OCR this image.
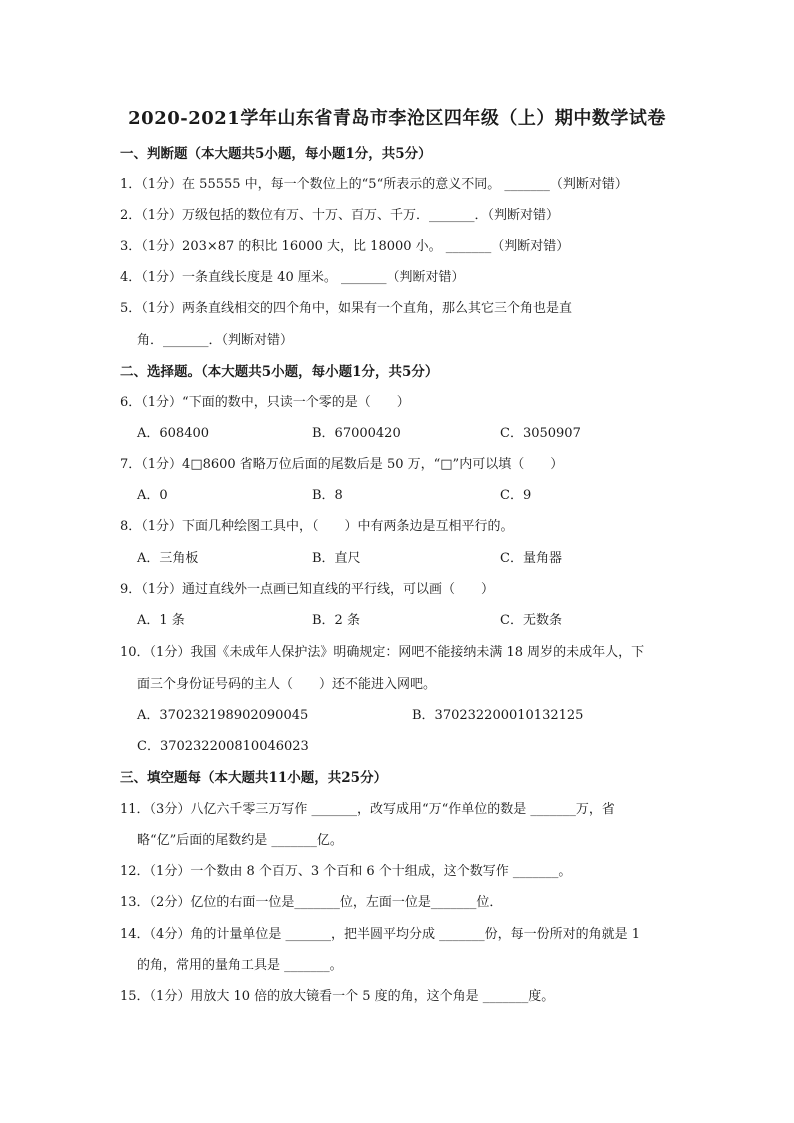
2020-2021学年山东省青岛市李沧区四年级（上）期中数学试卷
一、判断题（本大题共5小题，每小题1分，共5分）
1．（1分）在 55555 中，每一个数位上的“5“所表示的意义不同。 _______（判断对错）
2．（1分）万级包括的数位有万、十万、百万、千万．_______．（判断对错）
3．（1分）203×87 的积比 16000 大，比 18000 小。 _______（判断对错）
4．（1分）一条直线长度是 40 厘米。 _______（判断对错）
5．（1分）两条直线相交的四个角中，如果有一个直角，那么其它三个角也是直
角．_______．（判断对错）
二、选择题。（本大题共5小题，每小题1分，共5分）
6．（1分）“下面的数中，只读一个零的是（　　）
A．608400	B．67000420	C．3050907
7．（1分）4□8600 省略万位后面的尾数后是 50 万，“□”内可以填（　　）
A．0	B．8	C．9
8．（1分）下面几种绘图工具中，（　　）中有两条边是互相平行的。
A．三角板	B．直尺	C．量角器
9．（1分）通过直线外一点画已知直线的平行线，可以画（　　）
A．1 条	B．2 条	C．无数条
10．（1分）我国《未成年人保护法》明确规定：网吧不能接纳未满 18 周岁的未成年人，下
面三个身份证号码的主人（　　）还不能进入网吧。
A．370232198902090045	B．370232200010132125
C．370232200810046023
三、填空题每（本大题共11小题，共25分）
11．（3分）八亿六千零三万写作 _______，改写成用“万“作单位的数是 _______万，省
略“亿”后面的尾数约是 _______亿。
12．（1分）一个数由 8 个百万、3 个百和 6 个十组成，这个数写作 _______。
13．（2分）亿位的右面一位是_______位，左面一位是_______位．
14．（4分）角的计量单位是 _______，把半圆平均分成 _______份，每一份所对的角就是 1
的角，常用的量角工具是 _______。
15．（1分）用放大 10 倍的放大镜看一个 5 度的角，这个角是 _______度。
